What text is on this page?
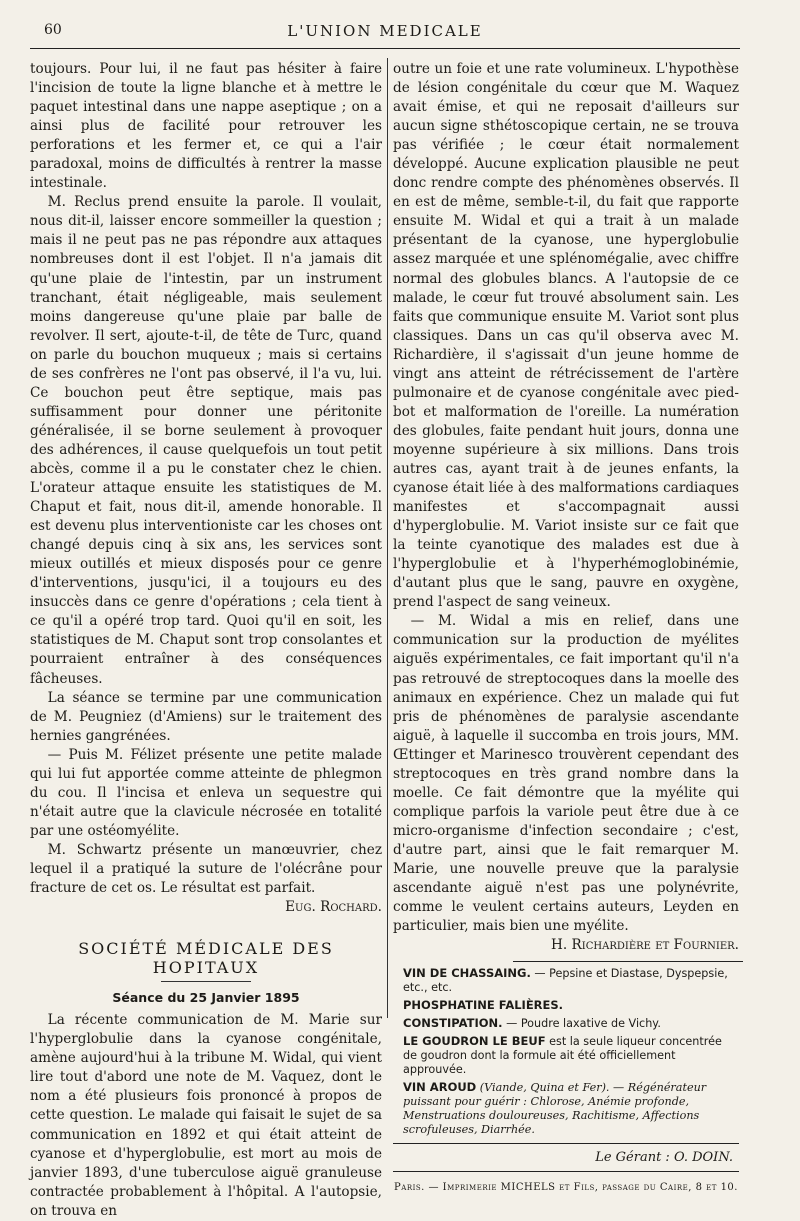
60	L'UNION MEDICALE

toujours. Pour lui, il ne faut pas hésiter à faire l'incision de toute la ligne blanche et à mettre le paquet intestinal dans une nappe aseptique ; on a ainsi plus de facilité pour retrouver les perforations et les fermer et, ce qui a l'air paradoxal, moins de difficultés à rentrer la masse intestinale.

M. Reclus prend ensuite la parole. Il voulait, nous dit-il, laisser encore sommeiller la question ; mais il ne peut pas ne pas répondre aux attaques nombreuses dont il est l'objet. Il n'a jamais dit qu'une plaie de l'intestin, par un instrument tranchant, était négligeable, mais seulement moins dangereuse qu'une plaie par balle de revolver. Il sert, ajoute-t-il, de tête de Turc, quand on parle du bouchon muqueux ; mais si certains de ses confrères ne l'ont pas observé, il l'a vu, lui. Ce bouchon peut être septique, mais pas suffisamment pour donner une péritonite généralisée, il se borne seulement à provoquer des adhérences, il cause quelquefois un tout petit abcès, comme il a pu le constater chez le chien. L'orateur attaque ensuite les statistiques de M. Chaput et fait, nous dit-il, amende honorable. Il est devenu plus interventioniste car les choses ont changé depuis cinq à six ans, les services sont mieux outillés et mieux disposés pour ce genre d'interventions, jusqu'ici, il a toujours eu des insuccès dans ce genre d'opérations ; cela tient à ce qu'il a opéré trop tard. Quoi qu'il en soit, les statistiques de M. Chaput sont trop consolantes et pourraient entraîner à des conséquences fâcheuses.

La séance se termine par une communication de M. Peugniez (d'Amiens) sur le traitement des hernies gangrénées.

— Puis M. Félizet présente une petite malade qui lui fut apportée comme atteinte de phlegmon du cou. Il l'incisa et enleva un sequestre qui n'était autre que la clavicule nécrosée en totalité par une ostéomyélite.

M. Schwartz présente un manœuvrier, chez lequel il a pratiqué la suture de l'olécrâne pour fracture de cet os. Le résultat est parfait.

Eug. Rochard.
SOCIÉTÉ MÉDICALE DES HOPITAUX
Séance du 25 Janvier 1895

La récente communication de M. Marie sur l'hyperglobulie dans la cyanose congénitale, amène aujourd'hui à la tribune M. Widal, qui vient lire tout d'abord une note de M. Vaquez, dont le nom a été plusieurs fois prononcé à propos de cette question. Le malade qui faisait le sujet de sa communication en 1892 et qui était atteint de cyanose et d'hyperglobulie, est mort au mois de janvier 1893, d'une tuberculose aiguë granuleuse contractée probablement à l'hôpital. A l'autopsie, on trouva en

outre un foie et une rate volumineux. L'hypothèse de lésion congénitale du cœur que M. Waquez avait émise, et qui ne reposait d'ailleurs sur aucun signe sthétoscopique certain, ne se trouva pas vérifiée ; le cœur était normalement développé. Aucune explication plausible ne peut donc rendre compte des phénomènes observés. Il en est de même, semble-t-il, du fait que rapporte ensuite M. Widal et qui a trait à un malade présentant de la cyanose, une hyperglobulie assez marquée et une splénomégalie, avec chiffre normal des globules blancs. A l'autopsie de ce malade, le cœur fut trouvé absolument sain. Les faits que communique ensuite M. Variot sont plus classiques. Dans un cas qu'il observa avec M. Richardière, il s'agissait d'un jeune homme de vingt ans atteint de rétrécissement de l'artère pulmonaire et de cyanose congénitale avec pied-bot et malformation de l'oreille. La numération des globules, faite pendant huit jours, donna une moyenne supérieure à six millions. Dans trois autres cas, ayant trait à de jeunes enfants, la cyanose était liée à des malformations cardiaques manifestes et s'accompagnait aussi d'hyperglobulie. M. Variot insiste sur ce fait que la teinte cyanotique des malades est due à l'hyperglobulie et à l'hyperhémoglobinémie, d'autant plus que le sang, pauvre en oxygène, prend l'aspect de sang veineux.

— M. Widal a mis en relief, dans une communication sur la production de myélites aiguës expérimentales, ce fait important qu'il n'a pas retrouvé de streptocoques dans la moelle des animaux en expérience. Chez un malade qui fut pris de phénomènes de paralysie ascendante aiguë, à laquelle il succomba en trois jours, MM. Œttinger et Marinesco trouvèrent cependant des streptocoques en très grand nombre dans la moelle. Ce fait démontre que la myélite qui complique parfois la variole peut être due à ce micro-organisme d'infection secondaire ; c'est, d'autre part, ainsi que le fait remarquer M. Marie, une nouvelle preuve que la paralysie ascendante aiguë n'est pas une polynévrite, comme le veulent certains auteurs, Leyden en particulier, mais bien une myélite.

H. Richardière et Fournier.
VIN DE CHASSAING. — Pepsine et Diastase, Dyspepsie, etc., etc.
PHOSPHATINE FALIÈRES.
CONSTIPATION. — Poudre laxative de Vichy.
LE GOUDRON LE BEUF est la seule liqueur concentrée de goudron dont la formule ait été officiellement approuvée.
VIN AROUD (Viande, Quina et Fer). — Régénérateur puissant pour guérir : Chlorose, Anémie profonde, Menstruations douloureuses, Rachitisme, Affections scrofuleuses, Diarrhée.
Le Gérant : O. DOIN.
Paris. — Imprimerie MICHELS et Fils, passage du Caire, 8 et 10.
